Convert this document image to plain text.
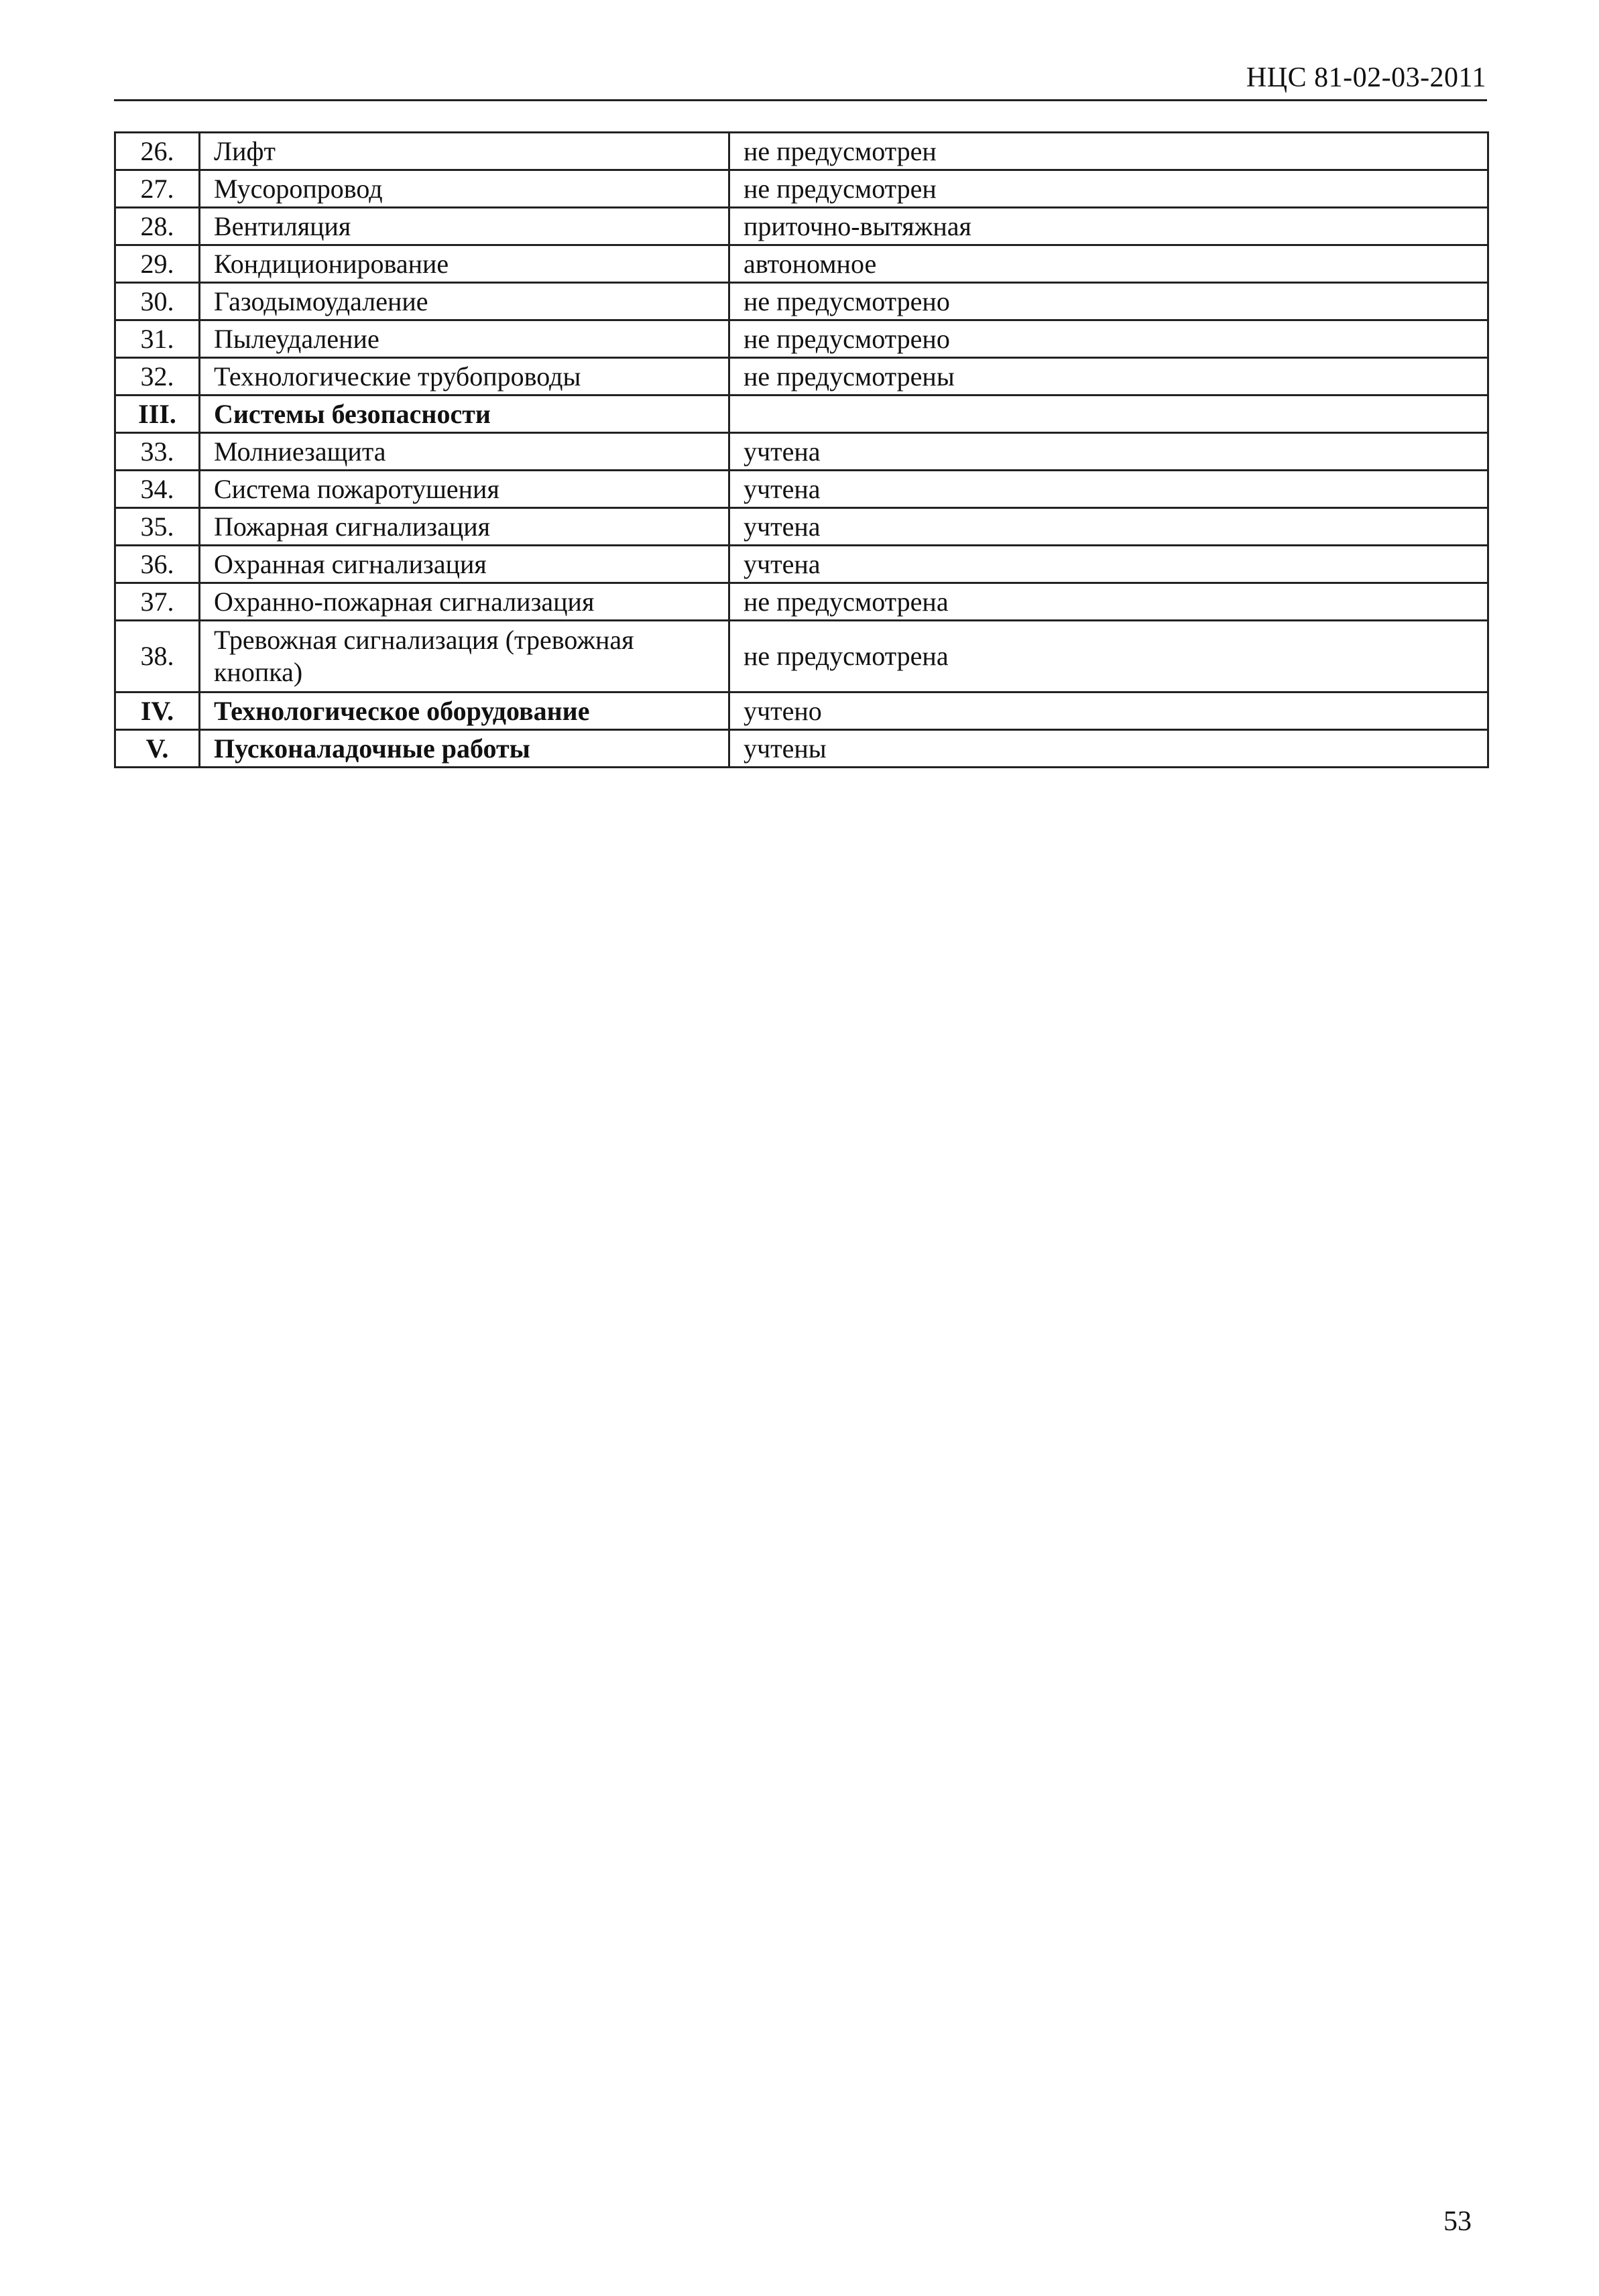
НЦС 81-02-03-2011
26.	Лифт	не предусмотрен
27.	Мусоропровод	не предусмотрен
28.	Вентиляция	приточно-вытяжная
29.	Кондиционирование	автономное
30.	Газодымоудаление	не предусмотрено
31.	Пылеудаление	не предусмотрено
32.	Технологические трубопроводы	не предусмотрены
III.	Системы безопасности	
33.	Молниезащита	учтена
34.	Система пожаротушения	учтена
35.	Пожарная сигнализация	учтена
36.	Охранная сигнализация	учтена
37.	Охранно-пожарная сигнализация	не предусмотрена
38.	Тревожная сигнализация (тревожная кнопка)	не предусмотрена
IV.	Технологическое оборудование	учтено
V.	Пусконаладочные работы	учтены
53
